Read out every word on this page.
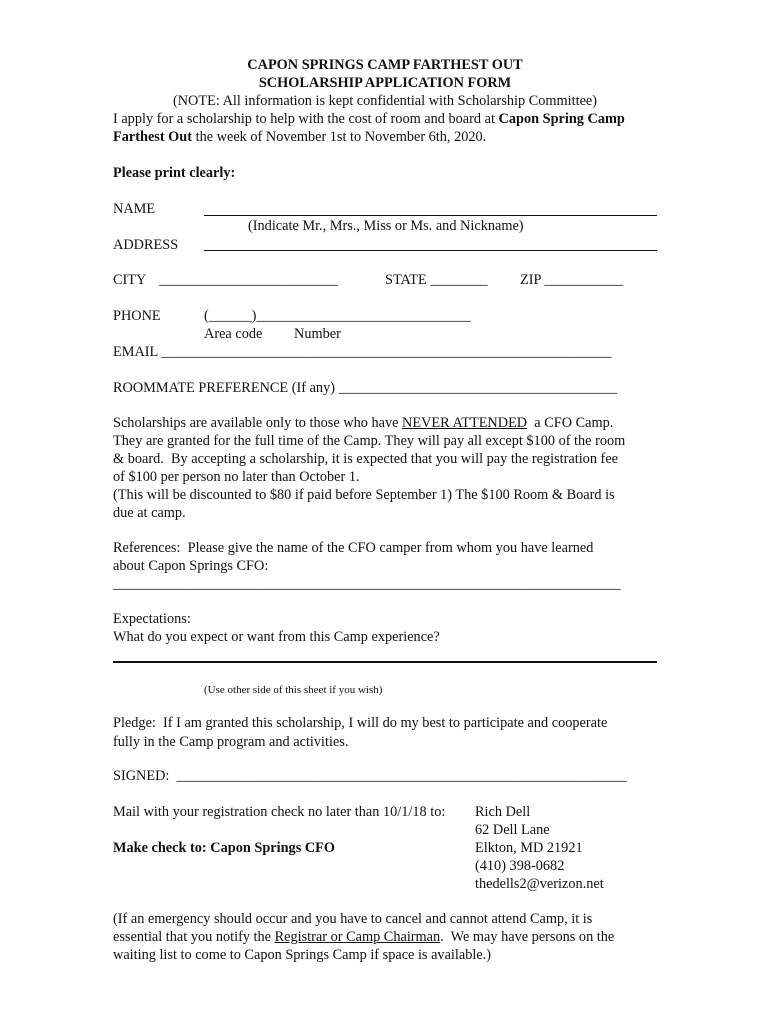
CAPON SPRINGS CAMP FARTHEST OUT
SCHOLARSHIP APPLICATION FORM
(NOTE: All information is kept confidential with Scholarship Committee)
I apply for a scholarship to help with the cost of room and board at Capon Spring Camp
Farthest Out the week of November 1st to November 6th, 2020.
Please print clearly:
NAME
(Indicate Mr., Mrs., Miss or Ms. and Nickname)
ADDRESS
CITY _________________________	STATE ________ ZIP ___________
PHONE	(______)______________________________
Area code Number
EMAIL _______________________________________________________________
ROOMMATE PREFERENCE (If any) _______________________________________
Scholarships are available only to those who have NEVER ATTENDED  a CFO Camp.
They are granted for the full time of the Camp. They will pay all except $100 of the room
& board.  By accepting a scholarship, it is expected that you will pay the registration fee
of $100 per person no later than October 1.
(This will be discounted to $80 if paid before September 1) The $100 Room & Board is
due at camp.
References:  Please give the name of the CFO camper from whom you have learned
about Capon Springs CFO:
_______________________________________________________________________
Expectations:
What do you expect or want from this Camp experience?
(Use other side of this sheet if you wish)
Pledge:  If I am granted this scholarship, I will do my best to participate and cooperate
fully in the Camp program and activities.
SIGNED:  _______________________________________________________________
Mail with your registration check no later than 10/1/18 to:
Make check to: Capon Springs CFO
Rich Dell
62 Dell Lane
Elkton, MD 21921
(410) 398-0682
thedells2@verizon.net
(If an emergency should occur and you have to cancel and cannot attend Camp, it is
essential that you notify the Registrar or Camp Chairman.  We may have persons on the
waiting list to come to Capon Springs Camp if space is available.)
